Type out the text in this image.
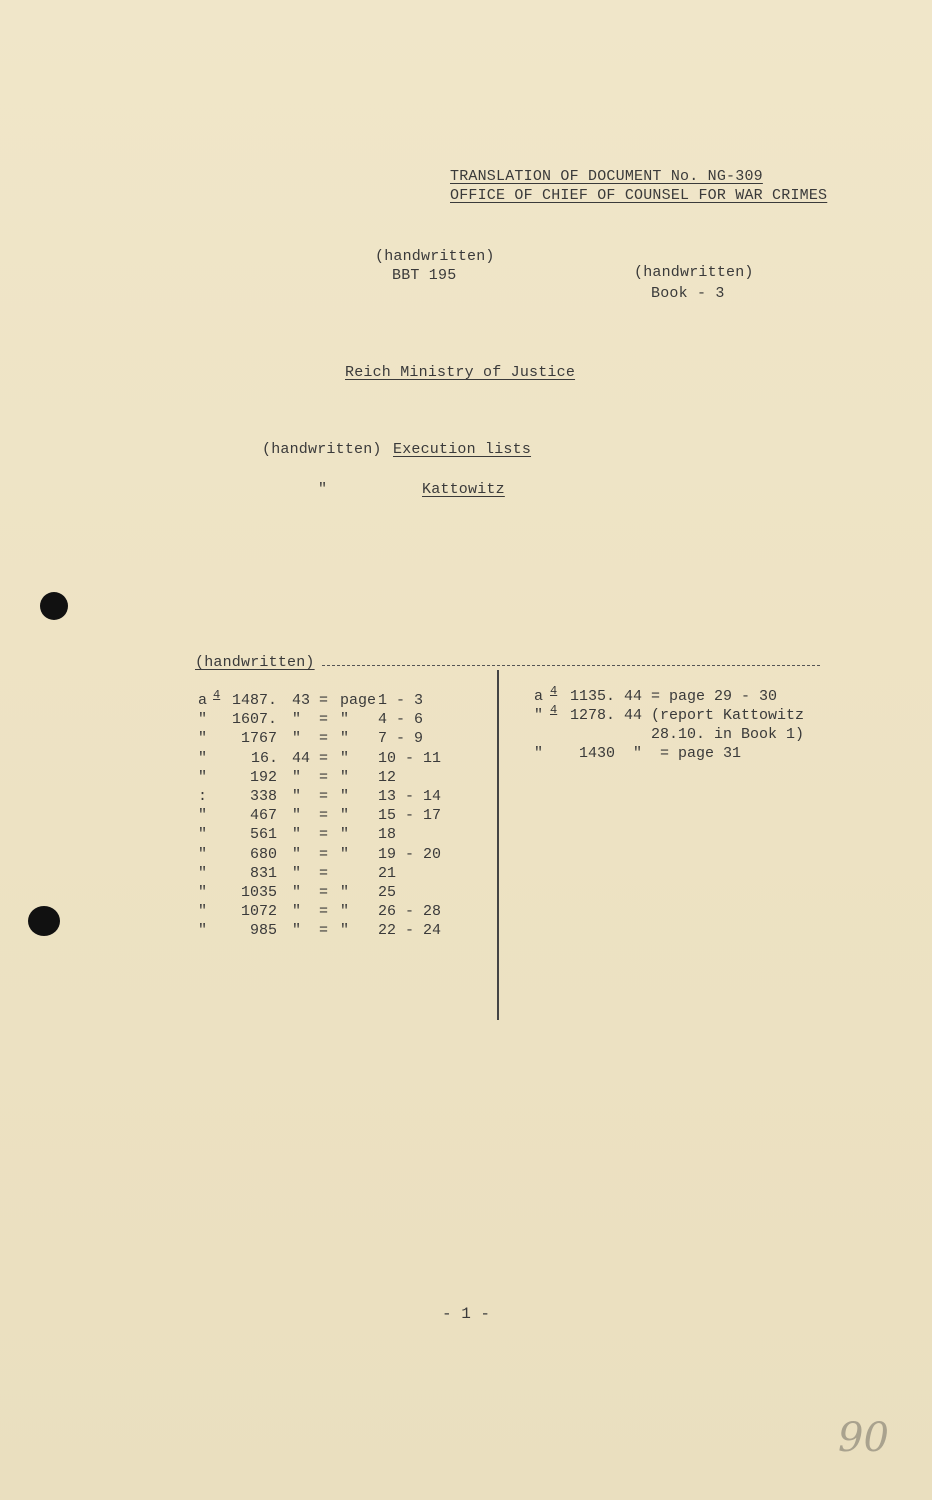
TRANSLATION OF DOCUMENT No. NG-309
OFFICE OF CHIEF OF COUNSEL FOR WAR CRIMES
(handwritten)
BBT 195	(handwritten)
Book - 3
Reich Ministry of Justice
(handwritten) Execution lists
"	Kattowitz
(handwritten)
a 4 1487. 43 = page 1 - 3
" 1607. " = " 4 - 6
" 1767 " = " 7 - 9
"	16. 44 = " 10 - 11
"	192 " = " 12
:	338 " = " 13 - 14
"	467 " = " 15 - 17
"	561 " = " 18
"	680 " = " 19 - 20
"	831 " =	21
" 1035 " = " 25
" 1072 " = " 26 - 28
"	985 " = " 22 - 24
a 4 1135. 44 = page 29 - 30
" 4 1278. 44 (report Kattowitz
28.10. in Book 1)
" 1430  "  = page 31
- 1 -
90
